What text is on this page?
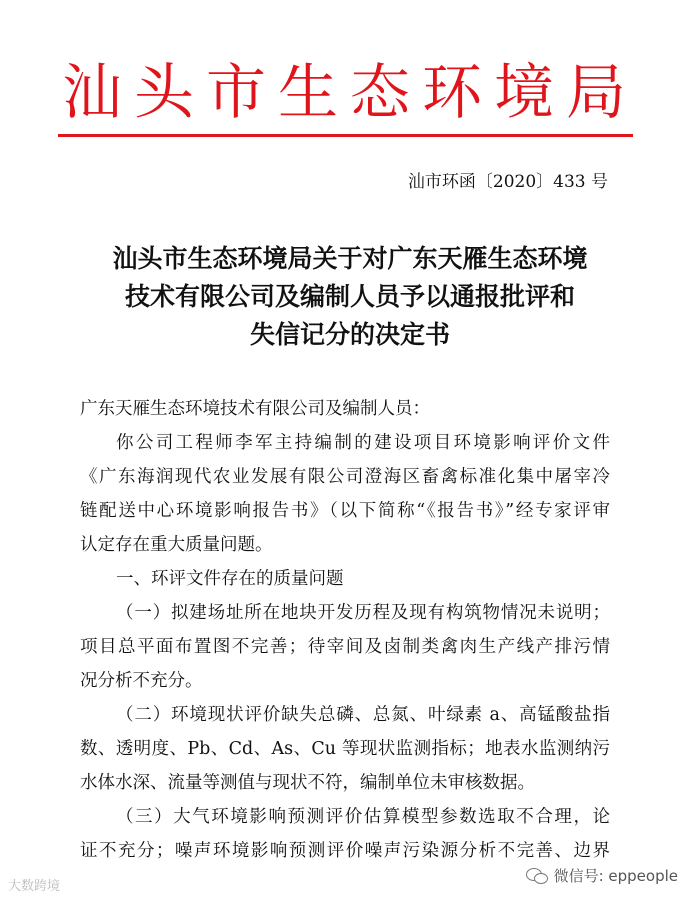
汕头市生态环境局
汕市环函〔2020〕433 号
汕头市生态环境局关于对广东天雁生态环境
技术有限公司及编制人员予以通报批评和
失信记分的决定书
广东天雁生态环境技术有限公司及编制人员：
你公司工程师李军主持编制的建设项目环境影响评价文件
《广东海润现代农业发展有限公司澄海区畜禽标准化集中屠宰冷
链配送中心环境影响报告书》（以下简称“《报告书》”经专家评审
认定存在重大质量问题。
一、环评文件存在的质量问题
（一）拟建场址所在地块开发历程及现有构筑物情况未说明；
项目总平面布置图不完善；待宰间及卤制类禽肉生产线产排污情
况分析不充分。
（二）环境现状评价缺失总磷、总氮、叶绿素 a、高锰酸盐指
数、透明度、Pb、Cd、As、Cu 等现状监测指标；地表水监测纳污
水体水深、流量等测值与现状不符，编制单位未审核数据。
（三）大气环境影响预测评价估算模型参数选取不合理，论
证不充分；噪声环境影响预测评价噪声污染源分析不完善、边界
大数跨境
微信号: eppeople
